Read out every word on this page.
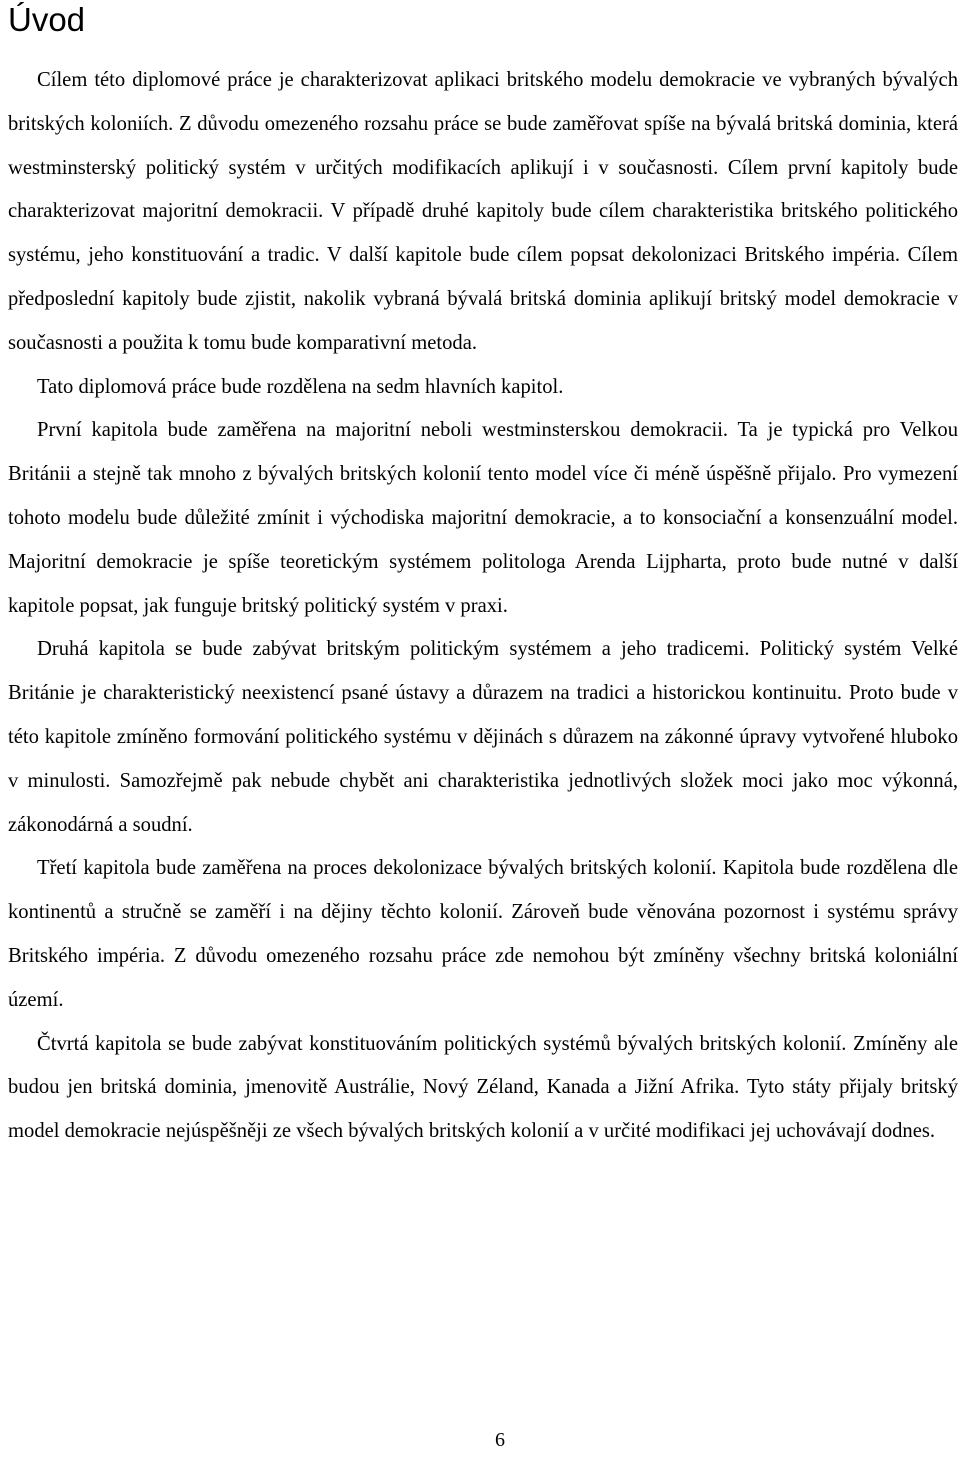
Úvod

Cílem této diplomové práce je charakterizovat aplikaci britského modelu demokracie ve vybraných bývalých britských koloniích. Z důvodu omezeného rozsahu práce se bude zaměřovat spíše na bývalá britská dominia, která westminsterský politický systém v určitých modifikacích aplikují i v současnosti. Cílem první kapitoly bude charakterizovat majoritní demokracii. V případě druhé kapitoly bude cílem charakteristika britského politického systému, jeho konstituování a tradic. V další kapitole bude cílem popsat dekolonizaci Britského impéria. Cílem předposlední kapitoly bude zjistit, nakolik vybraná bývalá britská dominia aplikují britský model demokracie v současnosti a použita k tomu bude komparativní metoda.

Tato diplomová práce bude rozdělena na sedm hlavních kapitol.

První kapitola bude zaměřena na majoritní neboli westminsterskou demokracii. Ta je typická pro Velkou Británii a stejně tak mnoho z bývalých britských kolonií tento model více či méně úspěšně přijalo. Pro vymezení tohoto modelu bude důležité zmínit i východiska majoritní demokracie, a to konsociační a konsenzuální model. Majoritní demokracie je spíše teoretickým systémem politologa Arenda Lijpharta, proto bude nutné v další kapitole popsat, jak funguje britský politický systém v praxi.

Druhá kapitola se bude zabývat britským politickým systémem a jeho tradicemi. Politický systém Velké Británie je charakteristický neexistencí psané ústavy a důrazem na tradici a historickou kontinuitu. Proto bude v této kapitole zmíněno formování politického systému v dějinách s důrazem na zákonné úpravy vytvořené hluboko v minulosti. Samozřejmě pak nebude chybět ani charakteristika jednotlivých složek moci jako moc výkonná, zákonodárná a soudní.

Třetí kapitola bude zaměřena na proces dekolonizace bývalých britských kolonií. Kapitola bude rozdělena dle kontinentů a stručně se zaměří i na dějiny těchto kolonií. Zároveň bude věnována pozornost i systému správy Britského impéria. Z důvodu omezeného rozsahu práce zde nemohou být zmíněny všechny britská koloniální území.

Čtvrtá kapitola se bude zabývat konstituováním politických systémů bývalých britských kolonií. Zmíněny ale budou jen britská dominia, jmenovitě Austrálie, Nový Zéland, Kanada a Jižní Afrika. Tyto státy přijaly britský model demokracie nejúspěšněji ze všech bývalých britských kolonií a v určité modifikaci jej uchovávají dodnes.

6
